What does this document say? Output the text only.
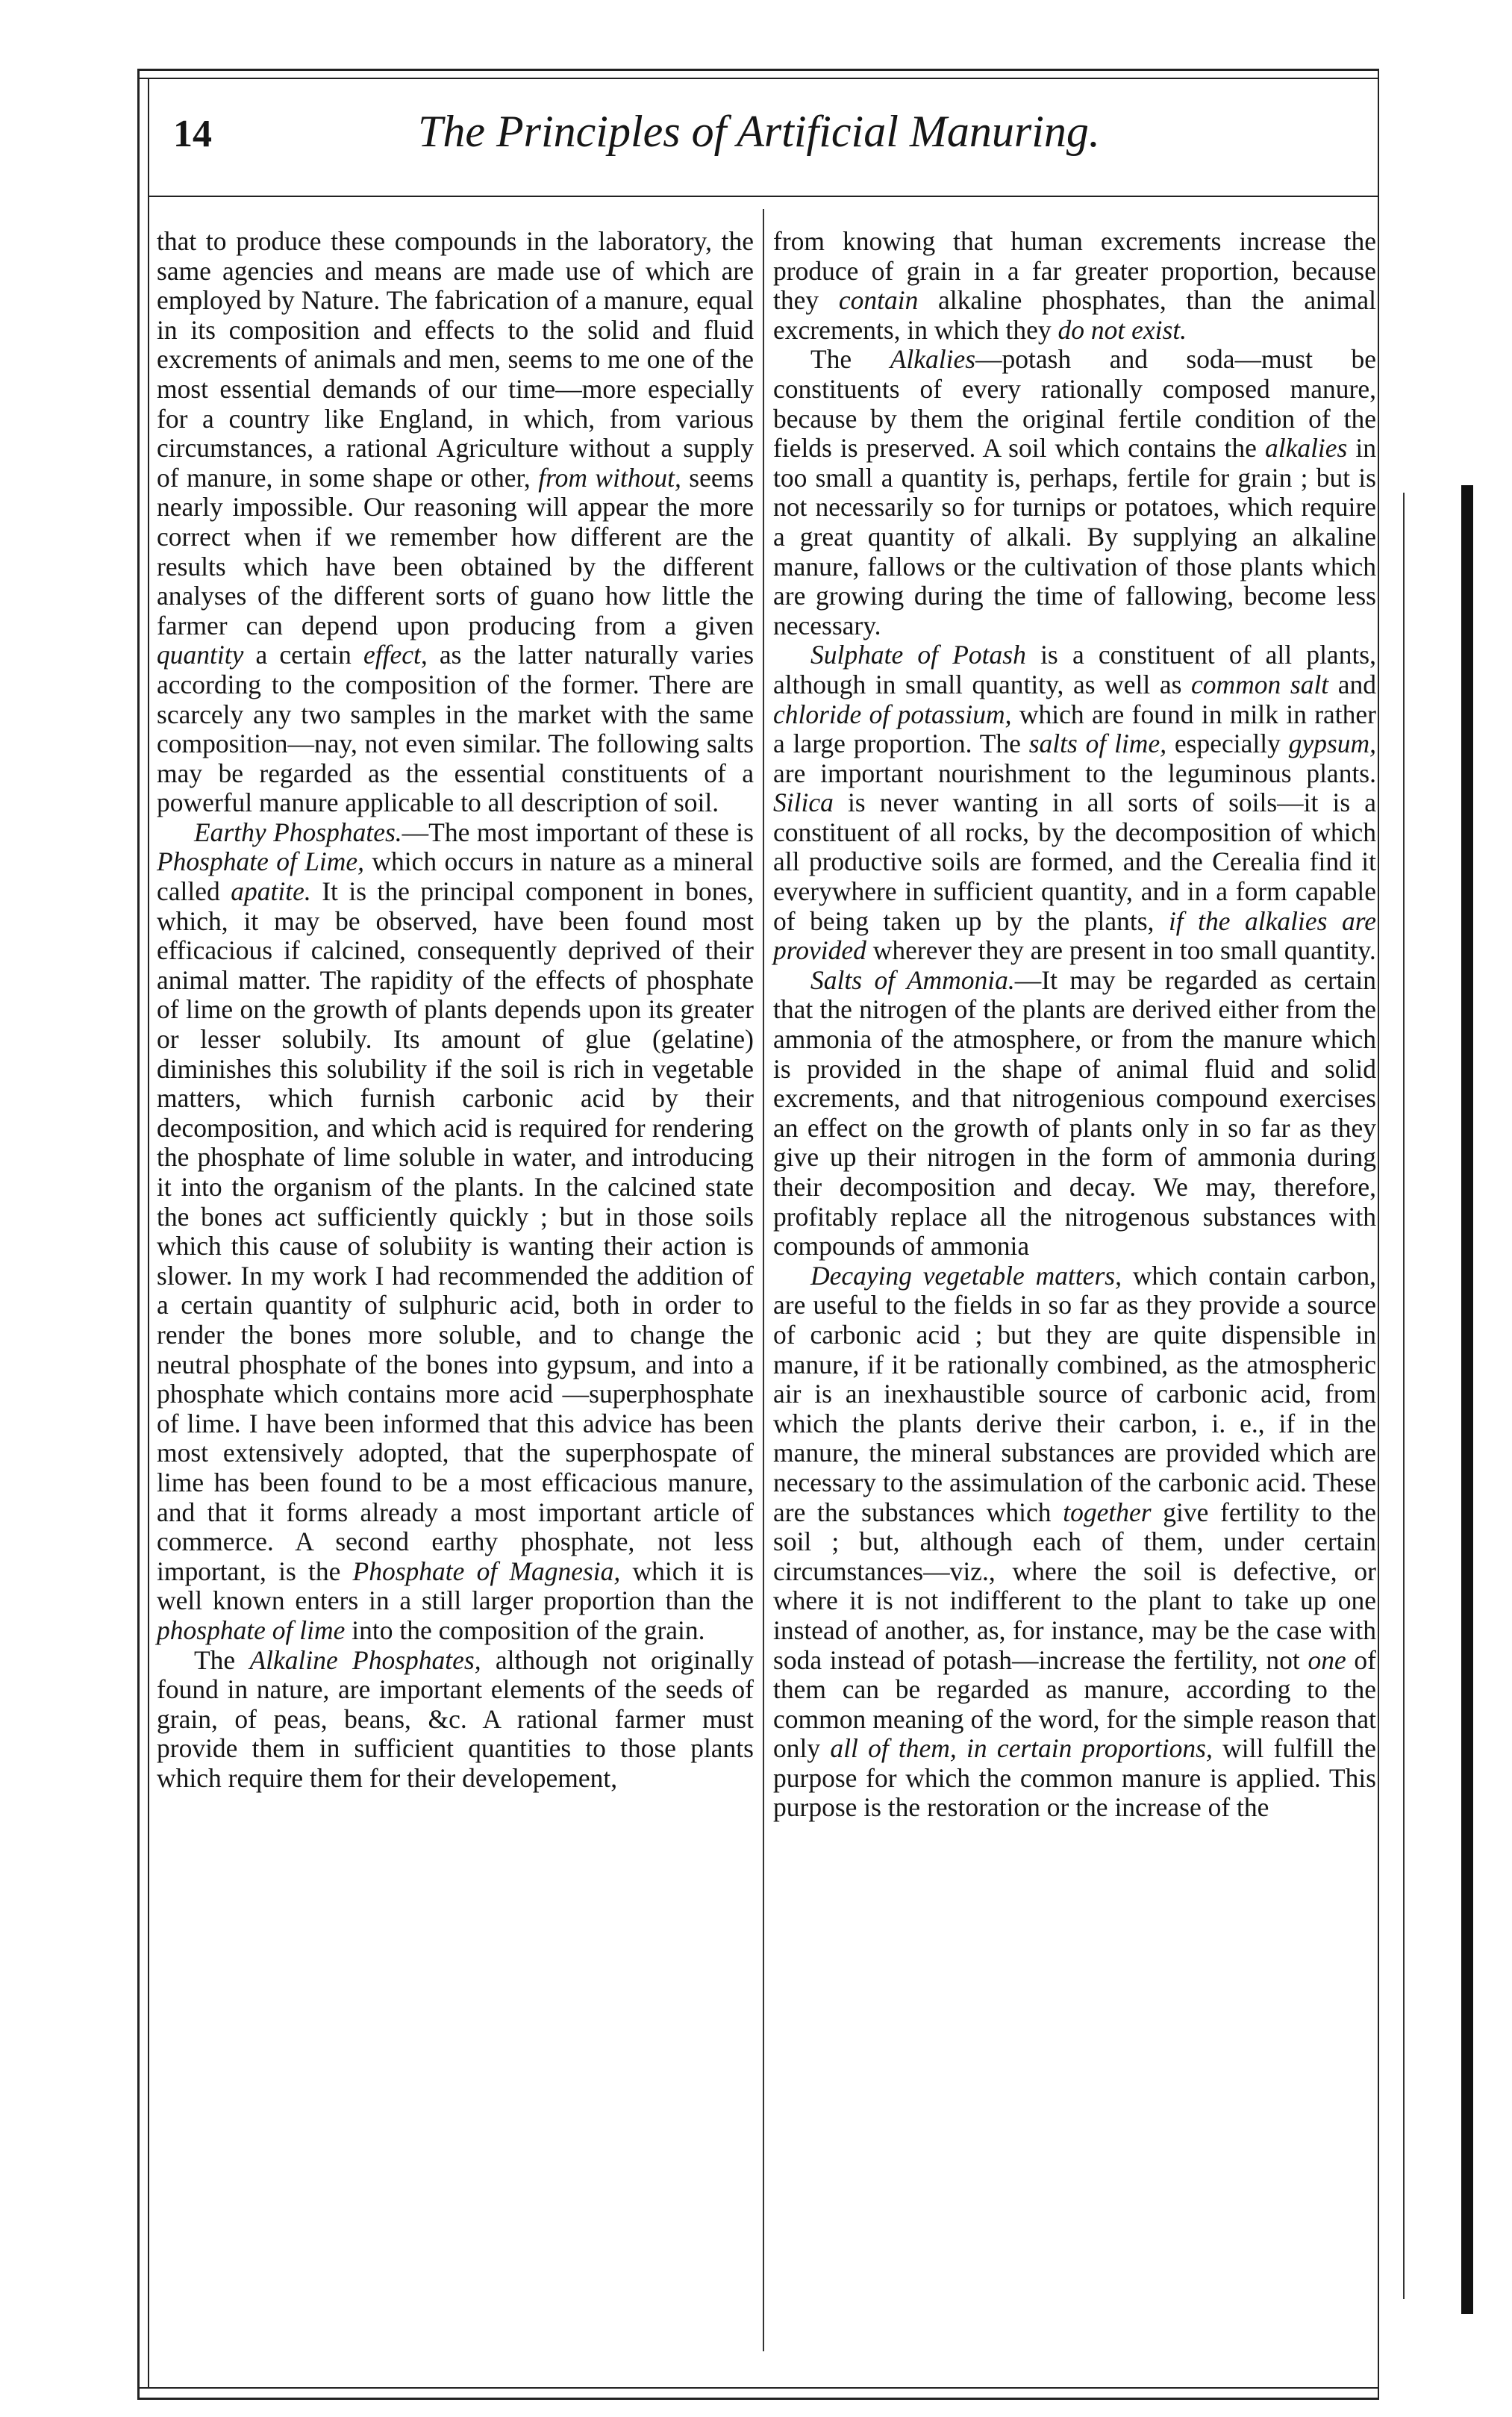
14	The Principles of Artificial Manuring.

that to produce these compounds in the laboratory, the same agencies and means are made use of which are employed by Nature. The fabrication of a manure, equal in its composition and effects to the solid and fluid excrements of animals and men, seems to me one of the most essential demands of our time—more especially for a country like England, in which, from various circumstances, a rational Agriculture without a supply of manure, in some shape or other, from without, seems nearly impossible. Our reasoning will appear the more correct when if we remember how different are the results which have been obtained by the different analyses of the different sorts of guano how little the farmer can depend upon producing from a given quantity a certain effect, as the latter naturally varies according to the composition of the former. There are scarcely any two samples in the market with the same composition—nay, not even similar. The following salts may be regarded as the essential constituents of a powerful manure applicable to all description of soil.

Earthy Phosphates.—The most important of these is Phosphate of Lime, which occurs in nature as a mineral called apatite. It is the principal component in bones, which, it may be observed, have been found most efficacious if calcined, consequently deprived of their animal matter. The rapidity of the effects of phosphate of lime on the growth of plants depends upon its greater or lesser solubily. Its amount of glue (gelatine) diminishes this solubility if the soil is rich in vegetable matters, which furnish carbonic acid by their decomposition, and which acid is required for rendering the phosphate of lime soluble in water, and introducing it into the organism of the plants. In the calcined state the bones act sufficiently quickly ; but in those soils which this cause of solubiity is wanting their action is slower. In my work I had recommended the addition of a certain quantity of sulphuric acid, both in order to render the bones more soluble, and to change the neutral phosphate of the bones into gypsum, and into a phosphate which contains more acid —superphosphate of lime. I have been informed that this advice has been most extensively adopted, that the superphospate of lime has been found to be a most efficacious manure, and that it forms already a most important article of commerce. A second earthy phosphate, not less important, is the Phosphate of Magnesia, which it is well known enters in a still larger proportion than the phosphate of lime into the composition of the grain.

The Alkaline Phosphates, although not originally found in nature, are important elements of the seeds of grain, of peas, beans, &c. A rational farmer must provide them in sufficient quantities to those plants which require them for their developement,

from knowing that human excrements increase the produce of grain in a far greater proportion, because they contain alkaline phosphates, than the animal excrements, in which they do not exist.

The Alkalies—potash and soda—must be constituents of every rationally composed manure, because by them the original fertile condition of the fields is preserved. A soil which contains the alkalies in too small a quantity is, perhaps, fertile for grain ; but is not necessarily so for turnips or potatoes, which require a great quantity of alkali. By supplying an alkaline manure, fallows or the cultivation of those plants which are growing during the time of fallowing, become less necessary.

Sulphate of Potash is a constituent of all plants, although in small quantity, as well as common salt and chloride of potassium, which are found in milk in rather a large proportion. The salts of lime, especially gypsum, are important nourishment to the leguminous plants. Silica is never wanting in all sorts of soils—it is a constituent of all rocks, by the decomposition of which all productive soils are formed, and the Cerealia find it everywhere in sufficient quantity, and in a form capable of being taken up by the plants, if the alkalies are provided wherever they are present in too small quantity.

Salts of Ammonia.—It may be regarded as certain that the nitrogen of the plants are derived either from the ammonia of the atmosphere, or from the manure which is provided in the shape of animal fluid and solid excrements, and that nitrogenious compound exercises an effect on the growth of plants only in so far as they give up their nitrogen in the form of ammonia during their decomposition and decay. We may, therefore, profitably replace all the nitrogenous substances with compounds of ammonia

Decaying vegetable matters, which contain carbon, are useful to the fields in so far as they provide a source of carbonic acid ; but they are quite dispensible in manure, if it be rationally combined, as the atmospheric air is an inexhaustible source of carbonic acid, from which the plants derive their carbon, i. e., if in the manure, the mineral substances are provided which are necessary to the assimulation of the carbonic acid. These are the substances which together give fertility to the soil ; but, although each of them, under certain circumstances—viz., where the soil is defective, or where it is not indifferent to the plant to take up one instead of another, as, for instance, may be the case with soda instead of potash—increase the fertility, not one of them can be regarded as manure, according to the common meaning of the word, for the simple reason that only all of them, in certain proportions, will fulfill the purpose for which the common manure is applied. This purpose is the restoration or the increase of the
